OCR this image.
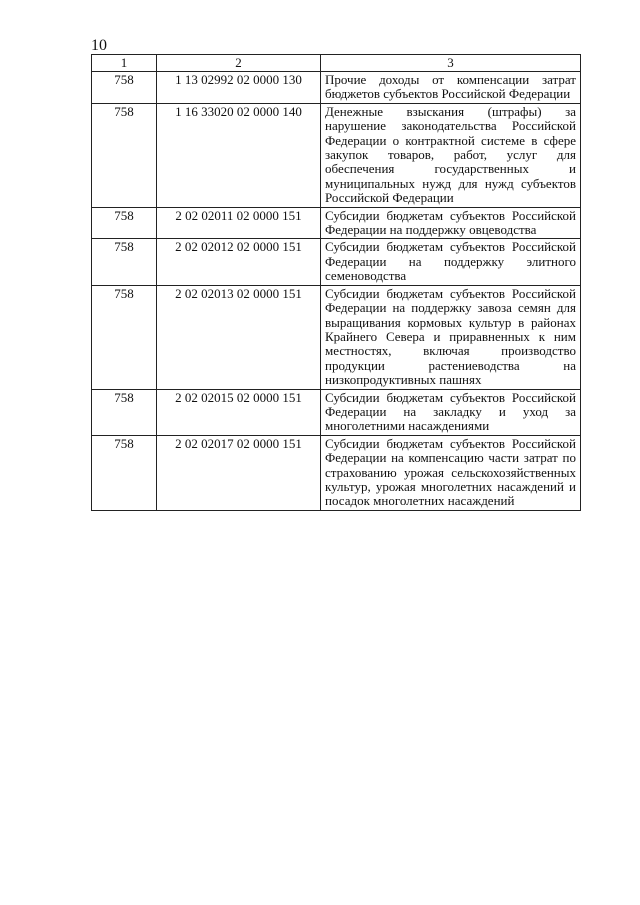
10
1	2	3
758	1 13 02992 02 0000 130	Прочие доходы от компенсации затрат бюджетов субъектов Российской Федерации
758	1 16 33020 02 0000 140	Денежные взыскания (штрафы) за нарушение законодательства Российской Федерации о контрактной системе в сфере закупок товаров, работ, услуг для обеспечения государственных и муниципальных нужд для нужд субъектов Российской Федерации
758	2 02 02011 02 0000 151	Субсидии бюджетам субъектов Российской Федерации на поддержку овцеводства
758	2 02 02012 02 0000 151	Субсидии бюджетам субъектов Российской Федерации на поддержку элитного семеноводства
758	2 02 02013 02 0000 151	Субсидии бюджетам субъектов Российской Федерации на поддержку завоза семян для выращивания кормовых культур в районах Крайнего Севера и приравненных к ним местностях, включая производство продукции растениеводства на низкопродуктивных пашнях
758	2 02 02015 02 0000 151	Субсидии бюджетам субъектов Российской Федерации на закладку и уход за многолетними насаждениями
758	2 02 02017 02 0000 151	Субсидии бюджетам субъектов Российской Федерации на компенсацию части затрат по страхованию урожая сельскохозяйственных культур, урожая многолетних насаждений и посадок многолетних насаждений
